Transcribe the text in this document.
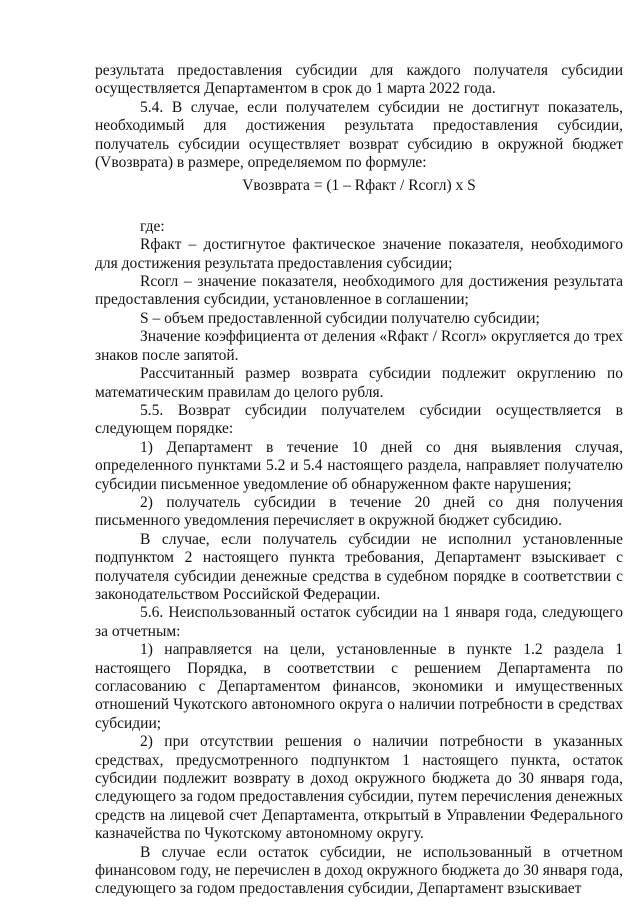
результата предоставления субсидии для каждого получателя субсидии осуществляется Департаментом в срок до 1 марта 2022 года.

5.4. В случае, если получателем субсидии не достигнут показатель, необходимый для достижения результата предоставления субсидии, получатель субсидии осуществляет возврат субсидию в окружной бюджет (Vвозврата) в размере, определяемом по формуле:

Vвозврата = (1 – Rфакт / Rсогл) x S

где:

Rфакт – достигнутое фактическое значение показателя, необходимого для достижения результата предоставления субсидии;

Rсогл – значение показателя, необходимого для достижения результата предоставления субсидии, установленное в соглашении;

S – объем предоставленной субсидии получателю субсидии;

Значение коэффициента от деления «Rфакт / Rсогл» округляется до трех знаков после запятой.

Рассчитанный размер возврата субсидии подлежит округлению по математическим правилам до целого рубля.

5.5. Возврат субсидии получателем субсидии осуществляется в следующем порядке:

1) Департамент в течение 10 дней со дня выявления случая, определенного пунктами 5.2 и 5.4 настоящего раздела, направляет получателю субсидии письменное уведомление об обнаруженном факте нарушения;

2) получатель субсидии в течение 20 дней со дня получения письменного уведомления перечисляет в окружной бюджет субсидию.

В случае, если получатель субсидии не исполнил установленные подпунктом 2 настоящего пункта требования, Департамент взыскивает с получателя субсидии денежные средства в судебном порядке в соответствии с законодательством Российской Федерации.

5.6. Неиспользованный остаток субсидии на 1 января года, следующего за отчетным:

1) направляется на цели, установленные в пункте 1.2 раздела 1 настоящего Порядка, в соответствии с решением Департамента по согласованию с Департаментом финансов, экономики и имущественных отношений Чукотского автономного округа о наличии потребности в средствах субсидии;

2) при отсутствии решения о наличии потребности в указанных средствах, предусмотренного подпунктом 1 настоящего пункта, остаток субсидии подлежит возврату в доход окружного бюджета до 30 января года, следующего за годом предоставления субсидии, путем перечисления денежных средств на лицевой счет Департамента, открытый в Управлении Федерального казначейства по Чукотскому автономному округу.

В случае если остаток субсидии, не использованный в отчетном финансовом году, не перечислен в доход окружного бюджета до 30 января года, следующего за годом предоставления субсидии, Департамент взыскивает
